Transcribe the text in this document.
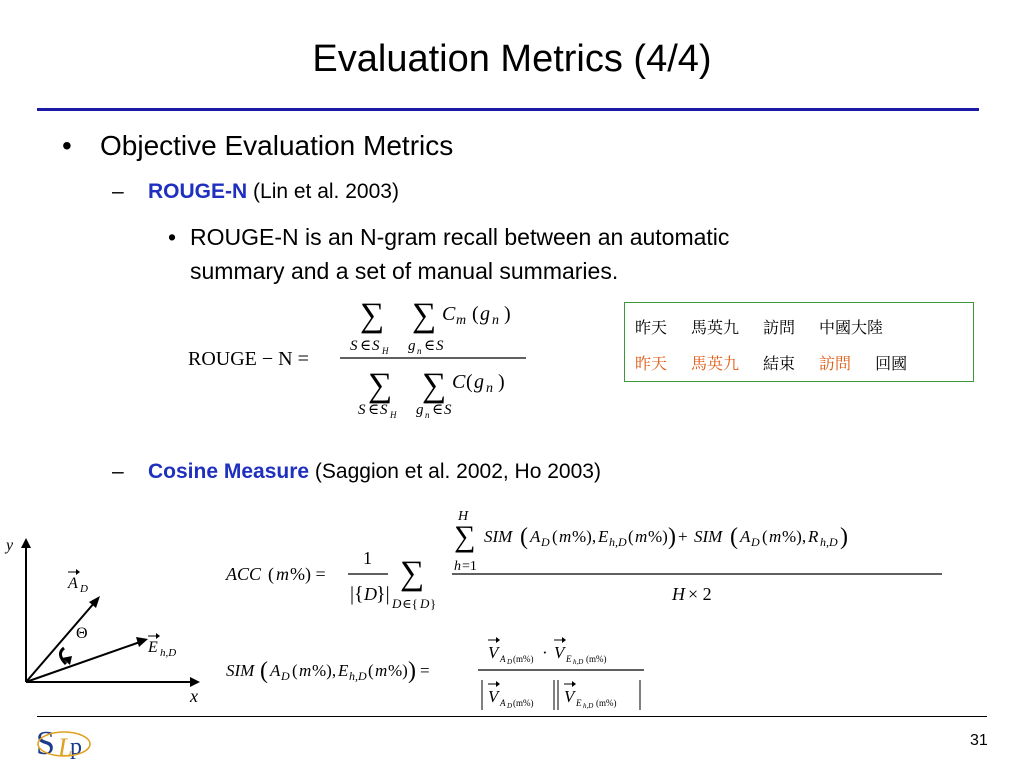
Evaluation Metrics (4/4)
• Objective Evaluation Metrics
– ROUGE-N (Lin et al. 2003)
• ROUGE-N is an N-gram recall between an automatic
summary and a set of manual summaries.
ROUGE − N =
∑ ∑ C m ( g n )
S ∈ S H g n ∈ S
∑ ∑ C ( g n )
S ∈ S H g n ∈ S
昨天 馬英九 訪問 中國大陸
昨天 馬英九 結束 訪問 回國
– Cosine Measure (Saggion et al. 2002, Ho 2003)
y
x
Θ
A D
E h,D
ACC ( m %) =
1
|{ D }|
∑
D ∈{ D }
H
∑
h =1
SIM ( A D ( m %), E h,D ( m %) ) + SIM ( A D ( m %), R h,D )
H × 2
SIM ( A D ( m %), E h,D ( m %) ) =
V A D (m%) · V E h,D (m%)
V A D (m%) V E h,D (m%)
S L
p	31
